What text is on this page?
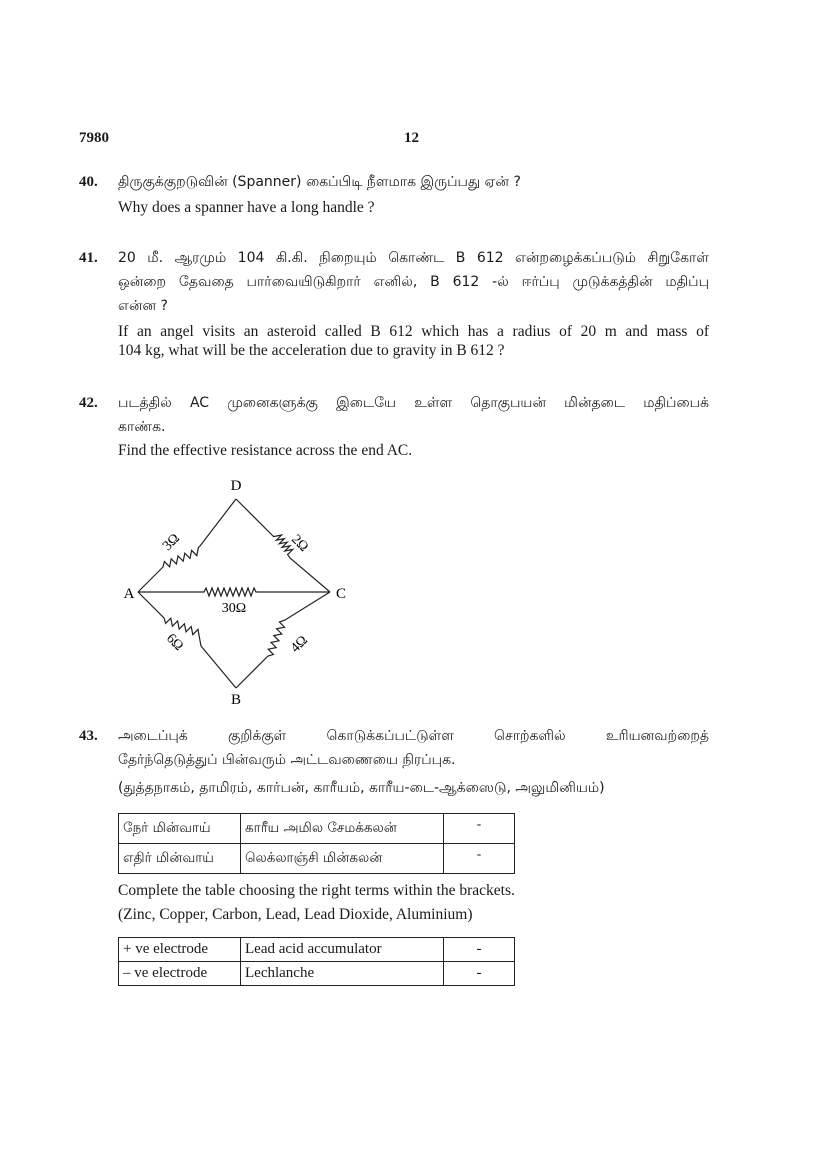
7980	12
40. திருகுக்குறடுவின் (Spanner) கைப்பிடி நீளமாக இருப்பது ஏன் ?
Why does a spanner have a long handle ?
41. 20 மீ. ஆரமும் 104 கி.கி. நிறையும் கொண்ட B 612 என்றழைக்கப்படும் சிறுகோள்
ஒன்றை தேவதை பார்வையிடுகிறார் எனில், B 612 -ல் ஈர்ப்பு முடுக்கத்தின் மதிப்பு
என்ன ?
If an angel visits an asteroid called B 612 which has a radius of 20 m and mass of
104 kg, what will be the acceleration due to gravity in B 612 ?
42. படத்தில் AC முனைகளுக்கு இடையே உள்ள தொகுபயன் மின்தடை மதிப்பைக்
காண்க.
Find the effective resistance across the end AC.
D
A	C
B
3Ω	2Ω
30Ω
6Ω	4Ω
43. அடைப்புக் குறிக்குள் கொடுக்கப்பட்டுள்ள சொற்களில் உரியனவற்றைத்
தேர்ந்தெடுத்துப் பின்வரும் அட்டவணையை நிரப்புக.
(துத்தநாகம், தாமிரம், கார்பன், காரீயம், காரீய-டை-ஆக்ஸைடு, அலுமினியம்)
நேர் மின்வாய்	காரீய அமில சேமக்கலன்	-
எதிர் மின்வாய்	லெக்லாஞ்சி மின்கலன்	-
Complete the table choosing the right terms within the brackets.
(Zinc, Copper, Carbon, Lead, Lead Dioxide, Aluminium)
+ ve electrode	Lead acid accumulator	-
– ve electrode	Lechlanche	-
